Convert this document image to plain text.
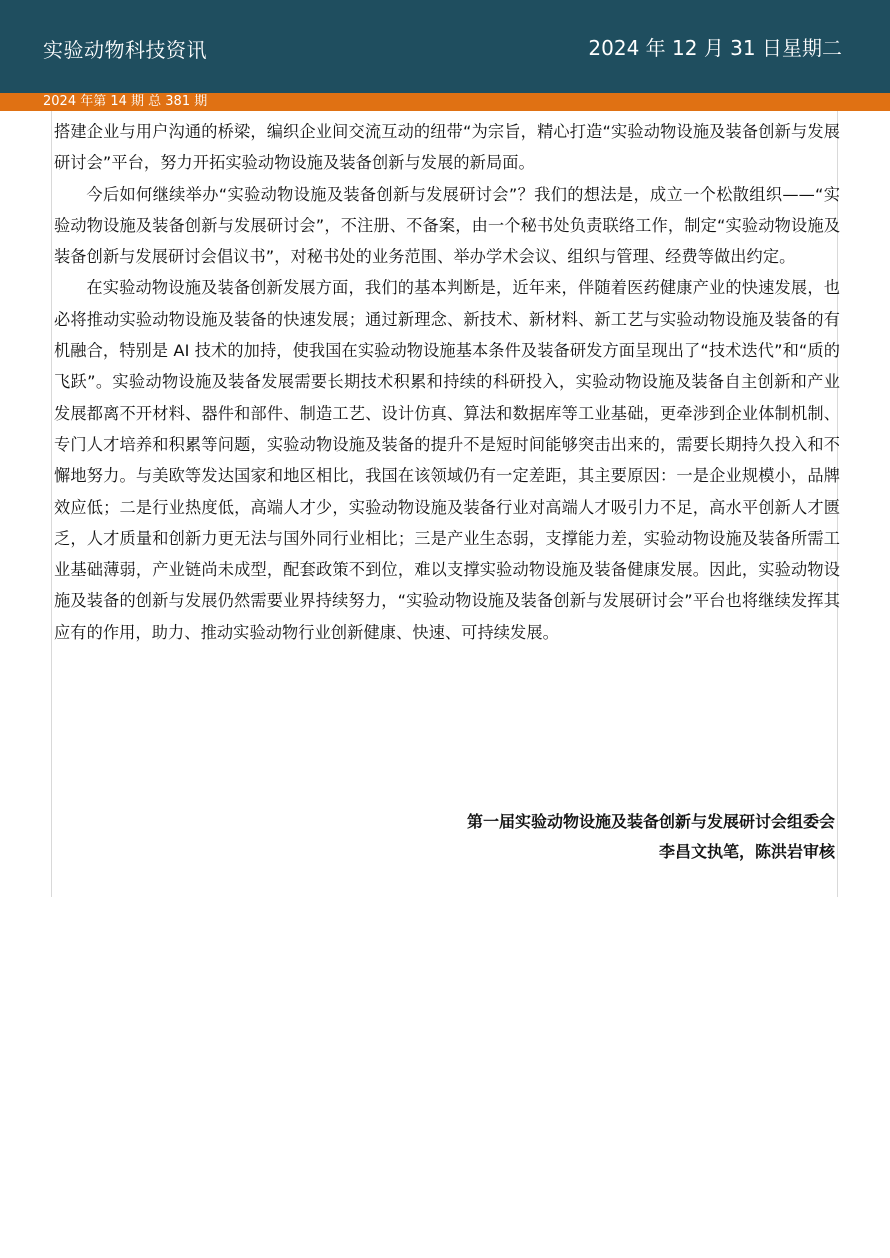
实验动物科技资讯	2024 年 12 月 31 日星期二
2024 年第 14 期 总 381 期

搭建企业与用户沟通的桥梁，编织企业间交流互动的纽带“为宗旨，精心打造“实验动物设施及装备创新与发展研讨会”平台，努力开拓实验动物设施及装备创新与发展的新局面。

今后如何继续举办“实验动物设施及装备创新与发展研讨会”？我们的想法是，成立一个松散组织——“实验动物设施及装备创新与发展研讨会”，不注册、不备案，由一个秘书处负责联络工作，制定“实验动物设施及装备创新与发展研讨会倡议书”，对秘书处的业务范围、举办学术会议、组织与管理、经费等做出约定。

在实验动物设施及装备创新发展方面，我们的基本判断是，近年来，伴随着医药健康产业的快速发展，也必将推动实验动物设施及装备的快速发展；通过新理念、新技术、新材料、新工艺与实验动物设施及装备的有机融合，特别是 AI 技术的加持，使我国在实验动物设施基本条件及装备研发方面呈现出了“技术迭代”和“质的飞跃”。实验动物设施及装备发展需要长期技术积累和持续的科研投入，实验动物设施及装备自主创新和产业发展都离不开材料、器件和部件、制造工艺、设计仿真、算法和数据库等工业基础，更牵涉到企业体制机制、专门人才培养和积累等问题，实验动物设施及装备的提升不是短时间能够突击出来的，需要长期持久投入和不懈地努力。与美欧等发达国家和地区相比，我国在该领域仍有一定差距，其主要原因：一是企业规模小，品牌效应低；二是行业热度低，高端人才少，实验动物设施及装备行业对高端人才吸引力不足，高水平创新人才匮乏，人才质量和创新力更无法与国外同行业相比；三是产业生态弱，支撑能力差，实验动物设施及装备所需工业基础薄弱，产业链尚未成型，配套政策不到位，难以支撑实验动物设施及装备健康发展。因此，实验动物设施及装备的创新与发展仍然需要业界持续努力，“实验动物设施及装备创新与发展研讨会”平台也将继续发挥其应有的作用，助力、推动实验动物行业创新健康、快速、可持续发展。

第一届实验动物设施及装备创新与发展研讨会组委会
李昌文执笔，陈洪岩审核
